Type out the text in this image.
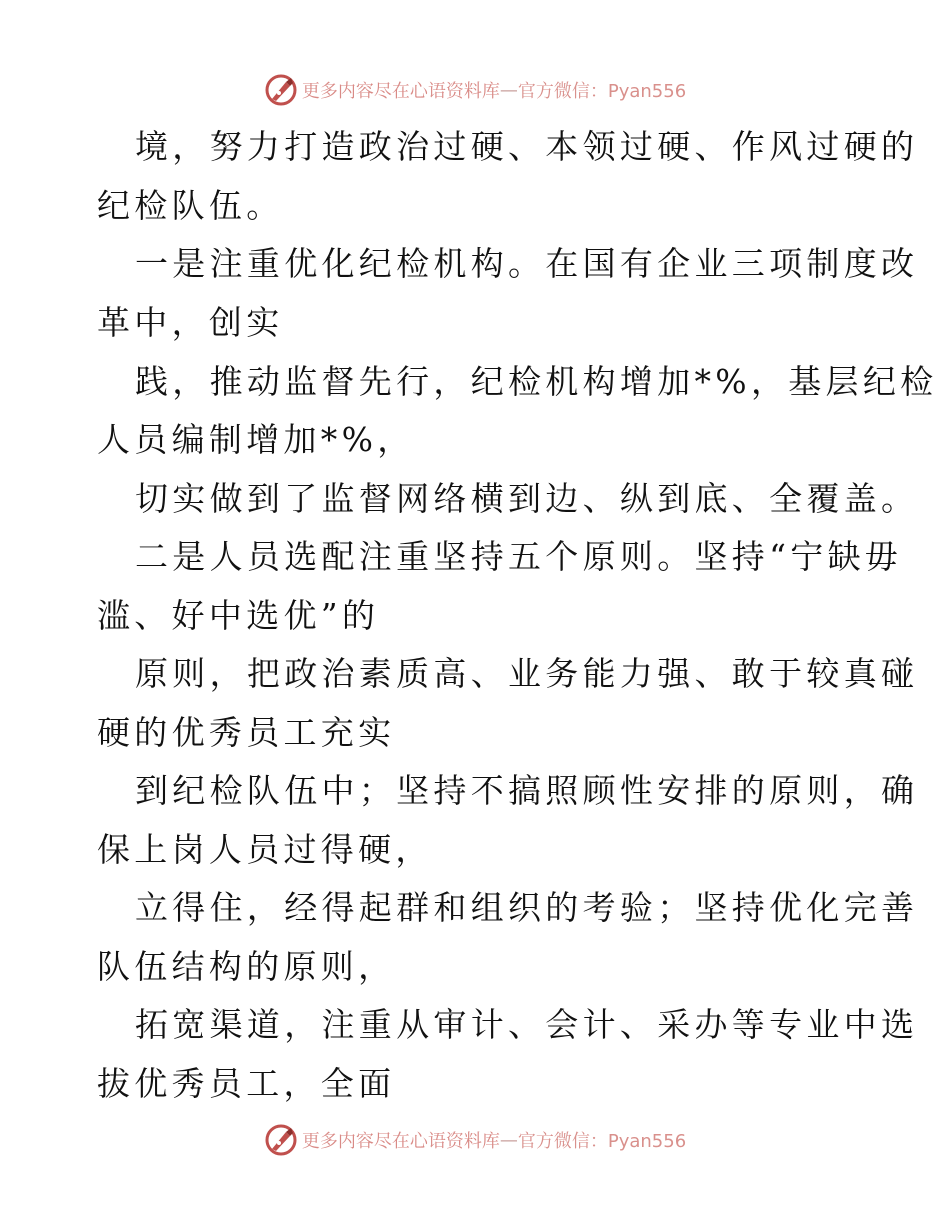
更多内容尽在心语资料库 — 官方微信：Pyan556
境，努力打造政治过硬、本领过硬、作风过硬的
纪检队伍。
一是注重优化纪检机构。在国有企业三项制度改
革中，创实
践，推动监督先行，纪检机构增加*%，基层纪检
人员编制增加*%，
切实做到了监督网络横到边、纵到底、全覆盖。
二是人员选配注重坚持五个原则。坚持“宁缺毋
滥、好中选优”的
原则，把政治素质高、业务能力强、敢于较真碰
硬的优秀员工充实
到纪检队伍中；坚持不搞照顾性安排的原则，确
保上岗人员过得硬，
立得住，经得起群和组织的考验；坚持优化完善
队伍结构的原则，
拓宽渠道，注重从审计、会计、采办等专业中选
拔优秀员工，全面
更多内容尽在心语资料库 — 官方微信：Pyan556
